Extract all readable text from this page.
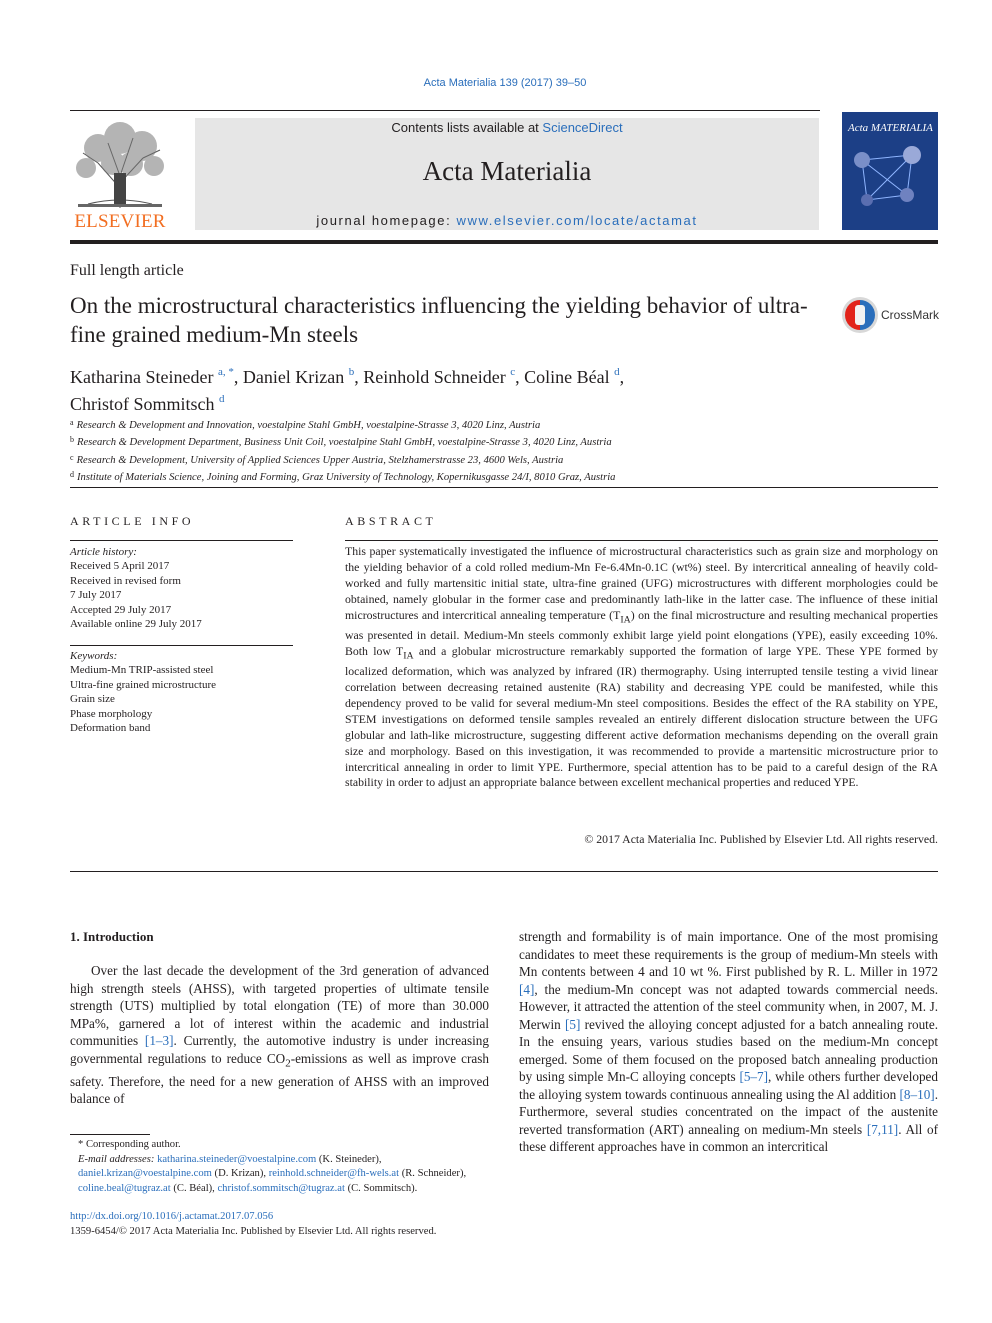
Acta Materialia 139 (2017) 39–50
ELSEVIER
Contents lists available at ScienceDirect
Acta Materialia
journal homepage: www.elsevier.com/locate/actamat
Acta MATERIALIA
Full length article
On the microstructural characteristics influencing the yielding behavior of ultra-fine grained medium-Mn steels
CrossMark
Katharina Steineder $^{a, *}$, Daniel Krizan $^b$, Reinhold Schneider $^c$, Coline Béal $^d$,
Christof Sommitsch $^d$
$^a$ Research & Development and Innovation, voestalpine Stahl GmbH, voestalpine-Strasse 3, 4020 Linz, Austria
$^b$ Research & Development Department, Business Unit Coil, voestalpine Stahl GmbH, voestalpine-Strasse 3, 4020 Linz, Austria
$^c$ Research & Development, University of Applied Sciences Upper Austria, Stelzhamerstrasse 23, 4600 Wels, Austria
$^d$ Institute of Materials Science, Joining and Forming, Graz University of Technology, Kopernikusgasse 24/I, 8010 Graz, Austria
ARTICLE INFO
Article history:
Received 5 April 2017
Received in revised form
7 July 2017
Accepted 29 July 2017
Available online 29 July 2017
Keywords:
Medium-Mn TRIP-assisted steel
Ultra-fine grained microstructure
Grain size
Phase morphology
Deformation band
ABSTRACT
This paper systematically investigated the influence of microstructural characteristics such as grain size and morphology on the yielding behavior of a cold rolled medium-Mn Fe-6.4Mn-0.1C (wt%) steel. By intercritical annealing of heavily cold-worked and fully martensitic initial state, ultra-fine grained (UFG) microstructures with different morphologies could be obtained, namely globular in the former case and predominantly lath-like in the latter case. The influence of these initial microstructures and intercritical annealing temperature $(T_{IA})$ on the final microstructure and resulting mechanical properties was presented in detail. Medium-Mn steels commonly exhibit large yield point elongations (YPE), easily exceeding 10%. Both low $T_{IA}$ and a globular microstructure remarkably supported the formation of large YPE. These YPE formed by localized deformation, which was analyzed by infrared (IR) thermography. Using interrupted tensile testing a vivid linear correlation between decreasing retained austenite (RA) stability and decreasing YPE could be manifested, while this dependency proved to be valid for several medium-Mn steel compositions. Besides the effect of the RA stability on YPE, STEM investigations on deformed tensile samples revealed an entirely different dislocation structure between the UFG globular and lath-like microstructure, suggesting different active deformation mechanisms depending on the overall grain size and morphology. Based on this investigation, it was recommended to provide a martensitic microstructure prior to intercritical annealing in order to limit YPE. Furthermore, special attention has to be paid to a careful design of the RA stability in order to adjust an appropriate balance between excellent mechanical properties and reduced YPE.
© 2017 Acta Materialia Inc. Published by Elsevier Ltd. All rights reserved.
1. Introduction
Over the last decade the development of the 3rd generation of advanced high strength steels (AHSS), with targeted properties of ultimate tensile strength (UTS) multiplied by total elongation (TE) of more than 30.000 MPa%, garnered a lot of interest within the academic and industrial communities [1–3]. Currently, the automotive industry is under increasing governmental regulations to reduce $CO_2$-emissions as well as improve crash safety. Therefore, the need for a new generation of AHSS with an improved balance of
strength and formability is of main importance. One of the most promising candidates to meet these requirements is the group of medium-Mn steels with Mn contents between 4 and 10 wt %. First published by R. L. Miller in 1972 [4], the medium-Mn concept was not adapted towards commercial needs. However, it attracted the attention of the steel community when, in 2007, M. J. Merwin [5] revived the alloying concept adjusted for a batch annealing route. In the ensuing years, various studies based on the medium-Mn concept emerged. Some of them focused on the proposed batch annealing production by using simple Mn-C alloying concepts [5–7], while others further developed the alloying system towards continuous annealing using the Al addition [8–10]. Furthermore, several studies concentrated on the impact of the austenite reverted transformation (ART) annealing on medium-Mn steels [7,11]. All of these different approaches have in common an intercritical
* Corresponding author.
E-mail addresses: katharina.steineder@voestalpine.com (K. Steineder), daniel.krizan@voestalpine.com (D. Krizan), reinhold.schneider@fh-wels.at (R. Schneider), coline.beal@tugraz.at (C. Béal), christof.sommitsch@tugraz.at (C. Sommitsch).
http://dx.doi.org/10.1016/j.actamat.2017.07.056
1359-6454/© 2017 Acta Materialia Inc. Published by Elsevier Ltd. All rights reserved.
